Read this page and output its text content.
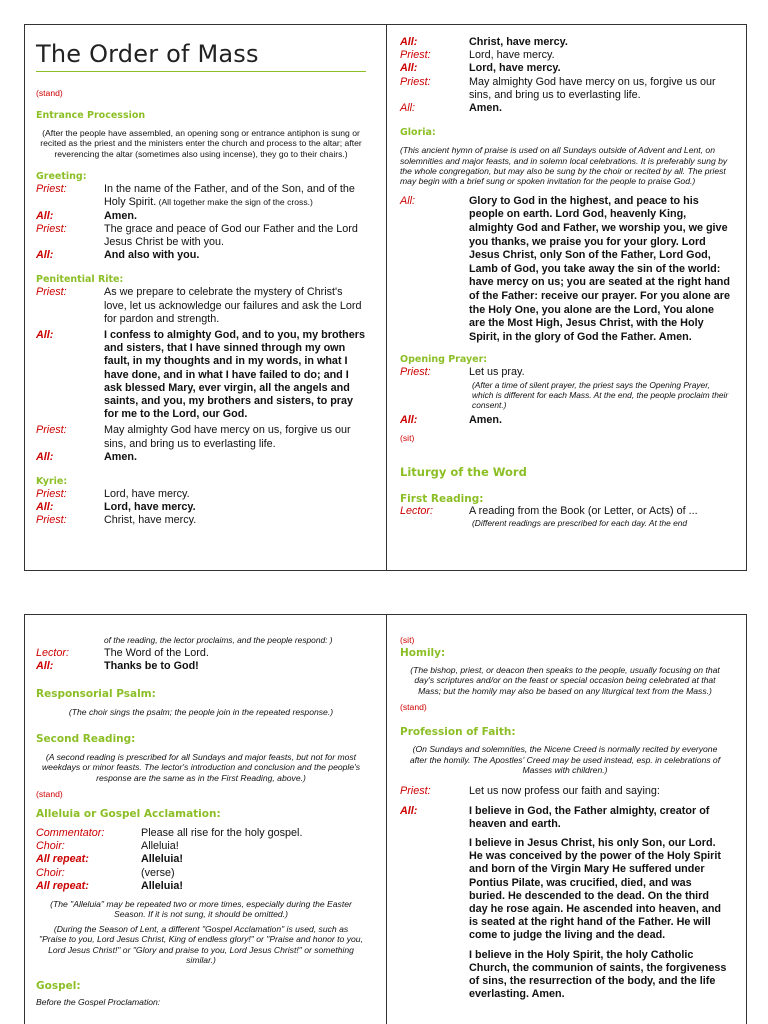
The Order of Mass
(stand)
Entrance Procession
(After the people have assembled, an opening song or entrance antiphon is sung or recited as the priest and the ministers enter the church and process to the altar; after reverencing the altar (sometimes also using incense), they go to their chairs.)
Greeting:
Priest:	In the name of the Father, and of the Son, and of the Holy Spirit. (All together make the sign of the cross.)
All:	Amen.
Priest:	The grace and peace of God our Father and the Lord Jesus Christ be with you.
All:	And also with you.
Penitential Rite:
Priest:	As we prepare to celebrate the mystery of Christ's love, let us acknowledge our failures and ask the Lord for pardon and strength.
All:	I confess to almighty God, and to you, my brothers and sisters, that I have sinned through my own fault, in my thoughts and in my words, in what I have done, and in what I have failed to do; and I ask blessed Mary, ever virgin, all the angels and saints, and you, my brothers and sisters, to pray for me to the Lord, our God.
Priest:	May almighty God have mercy on us, forgive us our sins, and bring us to everlasting life.
All:	Amen.
Kyrie:
Priest:	Lord, have mercy.
All:	Lord, have mercy.
Priest:	Christ, have mercy.
All:	Christ, have mercy.
Priest:	Lord, have mercy.
All:	Lord, have mercy.
Priest:	May almighty God have mercy on us, forgive us our sins, and bring us to everlasting life.
All:	Amen.
Gloria:
(This ancient hymn of praise is used on all Sundays outside of Advent and Lent, on solemnities and major feasts, and in solemn local celebrations. It is preferably sung by the whole congregation, but may also be sung by the choir or recited by all. The priest may begin with a brief sung or spoken invitation for the people to praise God.)
All:	Glory to God in the highest, and peace to his people on earth. Lord God, heavenly King, almighty God and Father, we worship you, we give you thanks, we praise you for your glory. Lord Jesus Christ, only Son of the Father, Lord God, Lamb of God, you take away the sin of the world: have mercy on us; you are seated at the right hand of the Father: receive our prayer. For you alone are the Holy One, you alone are the Lord, You alone are the Most High, Jesus Christ, with the Holy Spirit, in the glory of God the Father. Amen.
Opening Prayer:
Priest:	Let us pray.
(After a time of silent prayer, the priest says the Opening Prayer, which is different for each Mass. At the end, the people proclaim their consent.)
All:	Amen.
(sit)
Liturgy of the Word
First Reading:
Lector:	A reading from the Book (or Letter, or Acts) of ...
(Different readings are prescribed for each day. At the end
of the reading, the lector proclaims, and the people respond: )
Lector:	The Word of the Lord.
All:	Thanks be to God!
Responsorial Psalm:
(The choir sings the psalm; the people join in the repeated response.)
Second Reading:
(A second reading is prescribed for all Sundays and major feasts, but not for most weekdays or minor feasts. The lector's introduction and conclusion and the people's response are the same as in the First Reading, above.)
(stand)
Alleluia or Gospel Acclamation:
Commentator:	Please all rise for the holy gospel.
Choir:	Alleluia!
All repeat:	Alleluia!
Choir:	(verse)
All repeat:	Alleluia!
(The "Alleluia" may be repeated two or more times, especially during the Easter Season. If it is not sung, it should be omitted.)
(During the Season of Lent, a different "Gospel Acclamation" is used, such as "Praise to you, Lord Jesus Christ, King of endless glory!" or "Praise and honor to you, Lord Jesus Christ!" or "Glory and praise to you, Lord Jesus Christ!" or something similar.)
Gospel:
Before the Gospel Proclamation:
(sit)
Homily:
(The bishop, priest, or deacon then speaks to the people, usually focusing on that day's scriptures and/or on the feast or special occasion being celebrated at that Mass; but the homily may also be based on any liturgical text from the Mass.)
(stand)
Profession of Faith:
(On Sundays and solemnities, the Nicene Creed is normally recited by everyone after the homily. The Apostles' Creed may be used instead, esp. in celebrations of Masses with children.)
Priest:	Let us now profess our faith and saying:
All:	I believe in God, the Father almighty, creator of heaven and earth.
I believe in Jesus Christ, his only Son, our Lord. He was conceived by the power of the Holy Spirit and born of the Virgin Mary He suffered under Pontius Pilate, was crucified, died, and was buried. He descended to the dead. On the third day he rose again. He ascended into heaven, and is seated at the right hand of the Father. He will come to judge the living and the dead.
I believe in the Holy Spirit, the holy Catholic Church, the communion of saints, the forgiveness of sins, the resurrection of the body, and the life everlasting. Amen.
